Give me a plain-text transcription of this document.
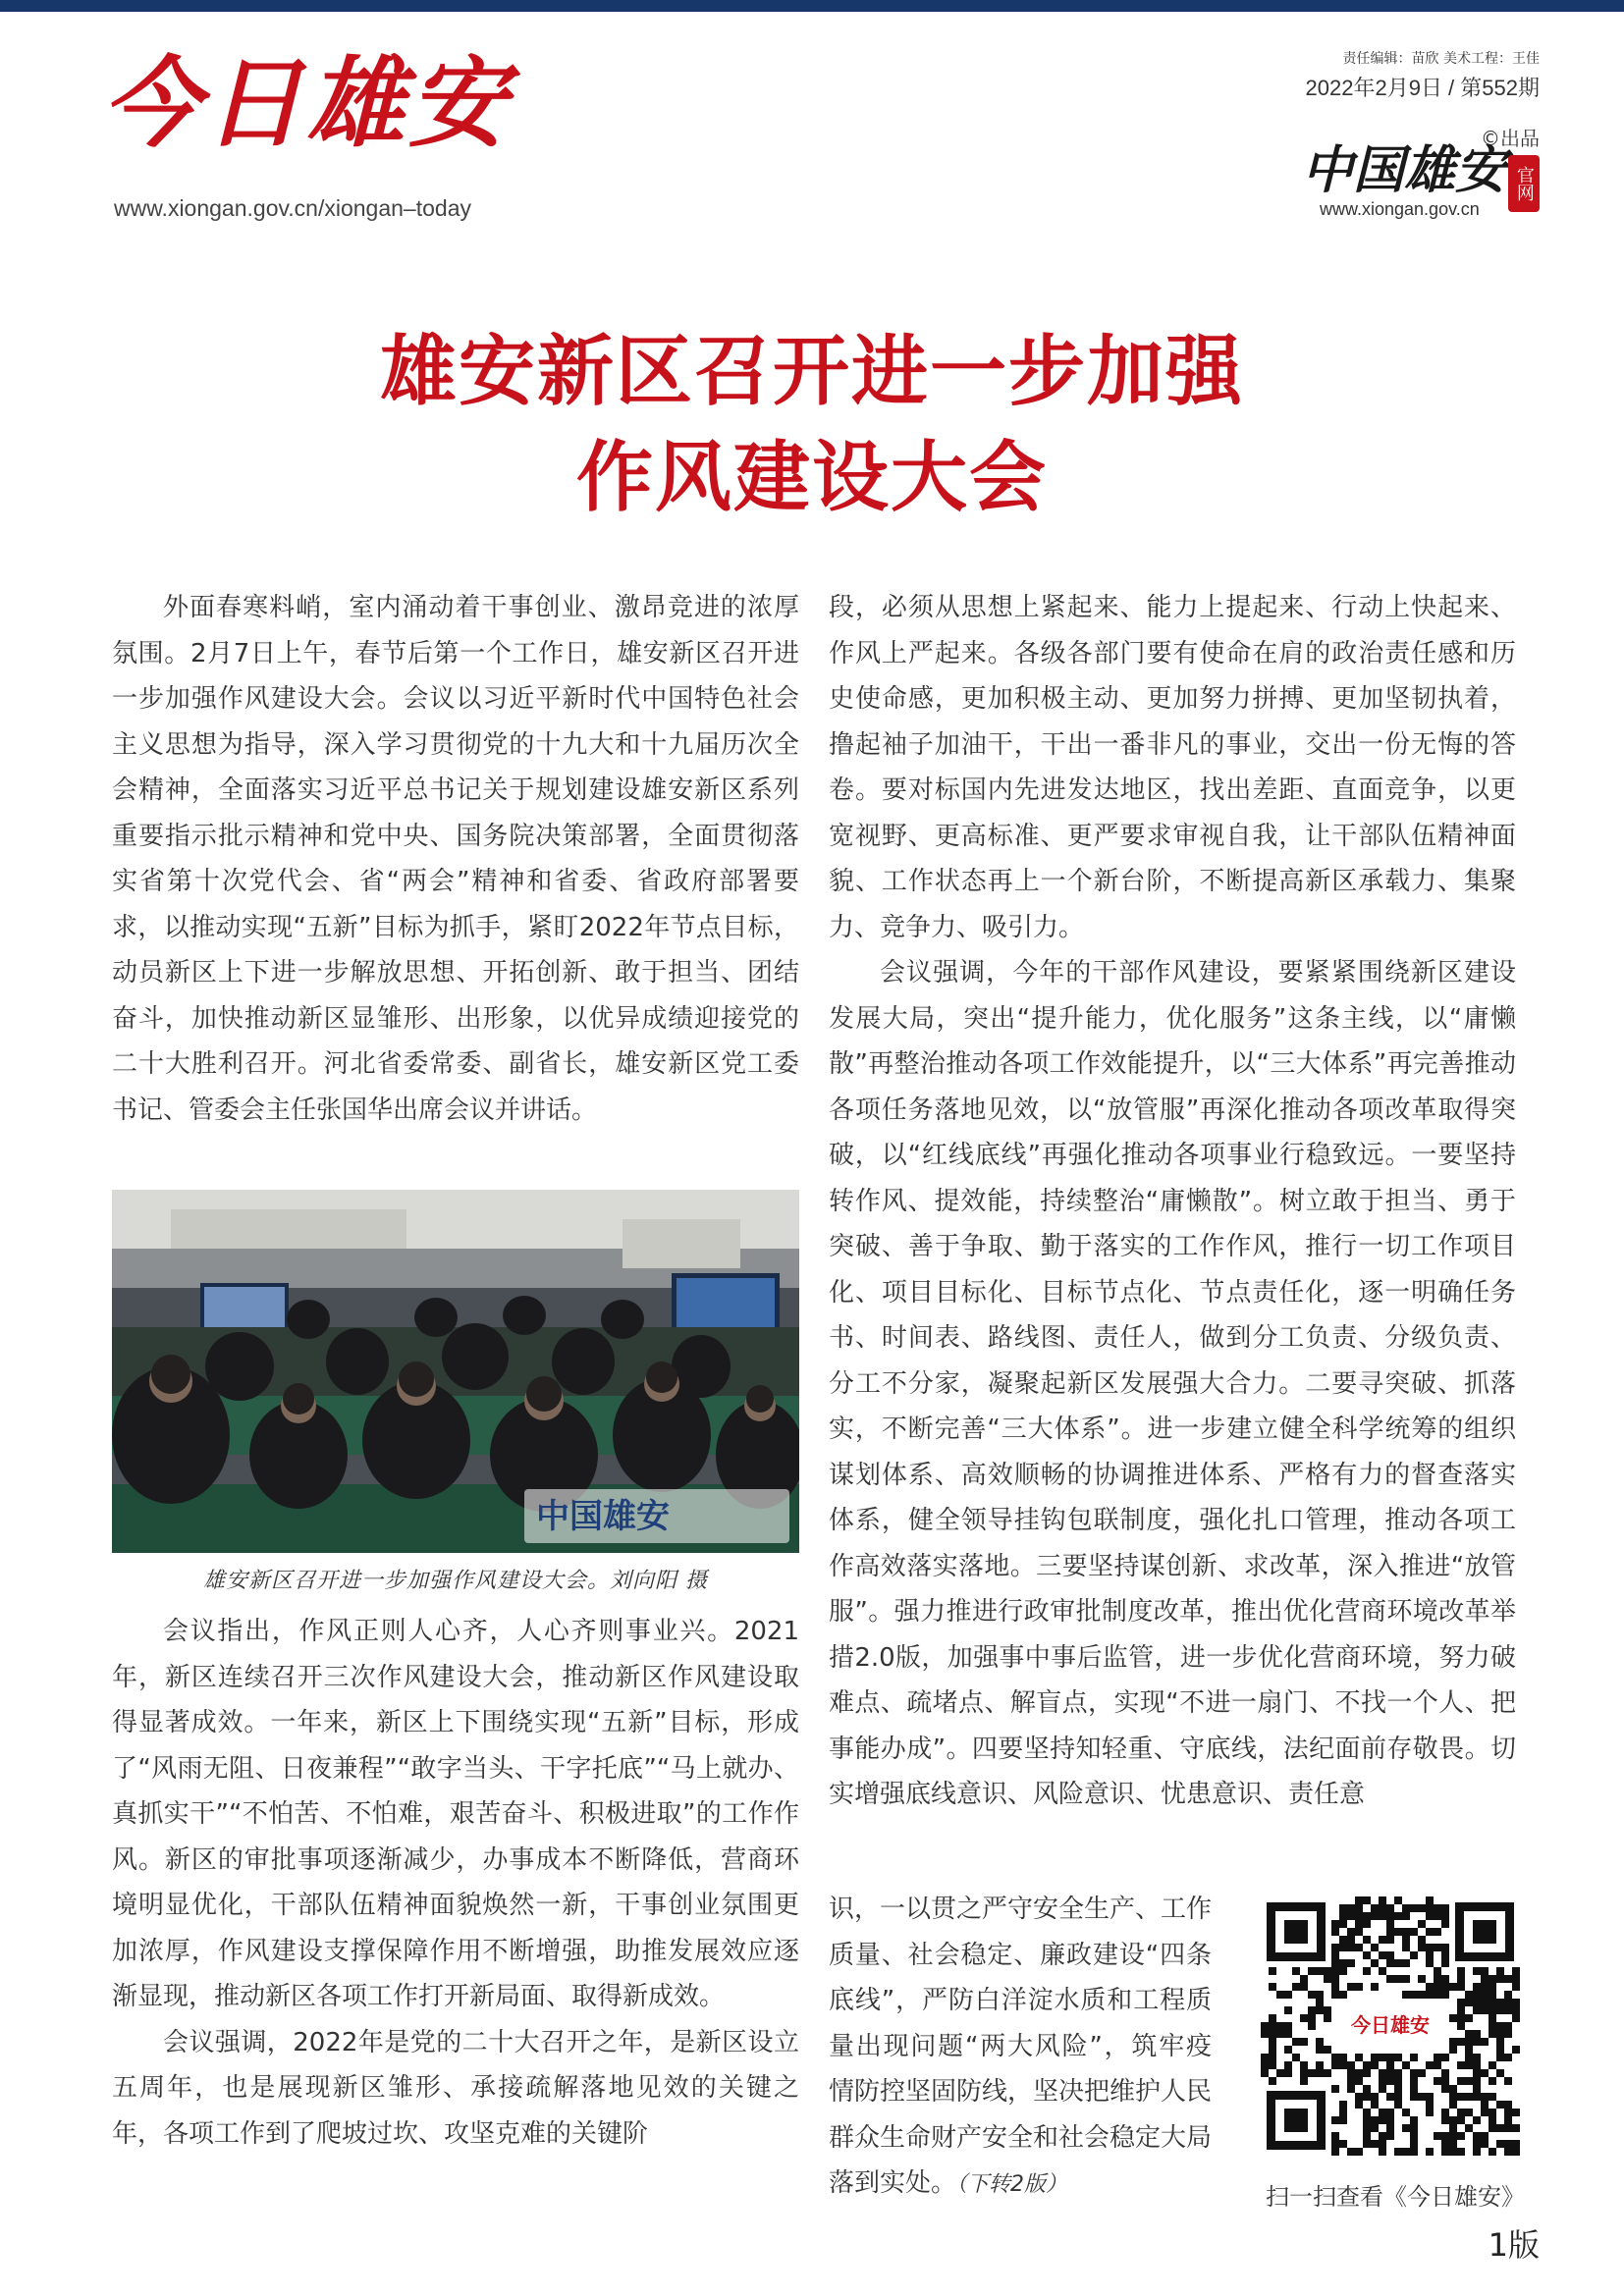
今日雄安
www.xiongan.gov.cn/xiongan–today
责任编辑：苗欣 美术工程：王佳
2022年2月9日 / 第552期
©出品
中国雄安 官网
www.xiongan.gov.cn
雄安新区召开进一步加强
作风建设大会

外面春寒料峭，室内涌动着干事创业、激昂竞进的浓厚氛围。2月7日上午，春节后第一个工作日，雄安新区召开进一步加强作风建设大会。会议以习近平新时代中国特色社会主义思想为指导，深入学习贯彻党的十九大和十九届历次全会精神，全面落实习近平总书记关于规划建设雄安新区系列重要指示批示精神和党中央、国务院决策部署，全面贯彻落实省第十次党代会、省“两会”精神和省委、省政府部署要求，以推动实现“五新”目标为抓手，紧盯2022年节点目标，动员新区上下进一步解放思想、开拓创新、敢于担当、团结奋斗，加快推动新区显雏形、出形象，以优异成绩迎接党的二十大胜利召开。河北省委常委、副省长，雄安新区党工委书记、管委会主任张国华出席会议并讲话。

中国雄安
雄安新区召开进一步加强作风建设大会。刘向阳 摄

会议指出，作风正则人心齐，人心齐则事业兴。2021年，新区连续召开三次作风建设大会，推动新区作风建设取得显著成效。一年来，新区上下围绕实现“五新”目标，形成了“风雨无阻、日夜兼程”“敢字当头、干字托底”“马上就办、真抓实干”“不怕苦、不怕难，艰苦奋斗、积极进取”的工作作风。新区的审批事项逐渐减少，办事成本不断降低，营商环境明显优化，干部队伍精神面貌焕然一新，干事创业氛围更加浓厚，作风建设支撑保障作用不断增强，助推发展效应逐渐显现，推动新区各项工作打开新局面、取得新成效。

会议强调，2022年是党的二十大召开之年，是新区设立五周年，也是展现新区雏形、承接疏解落地见效的关键之年，各项工作到了爬坡过坎、攻坚克难的关键阶

段，必须从思想上紧起来、能力上提起来、行动上快起来、作风上严起来。各级各部门要有使命在肩的政治责任感和历史使命感，更加积极主动、更加努力拼搏、更加坚韧执着，撸起袖子加油干，干出一番非凡的事业，交出一份无悔的答卷。要对标国内先进发达地区，找出差距、直面竞争，以更宽视野、更高标准、更严要求审视自我，让干部队伍精神面貌、工作状态再上一个新台阶，不断提高新区承载力、集聚力、竞争力、吸引力。

会议强调，今年的干部作风建设，要紧紧围绕新区建设发展大局，突出“提升能力，优化服务”这条主线，以“庸懒散”再整治推动各项工作效能提升，以“三大体系”再完善推动各项任务落地见效，以“放管服”再深化推动各项改革取得突破，以“红线底线”再强化推动各项事业行稳致远。一要坚持转作风、提效能，持续整治“庸懒散”。树立敢于担当、勇于突破、善于争取、勤于落实的工作作风，推行一切工作项目化、项目目标化、目标节点化、节点责任化，逐一明确任务书、时间表、路线图、责任人，做到分工负责、分级负责、分工不分家，凝聚起新区发展强大合力。二要寻突破、抓落实，不断完善“三大体系”。进一步建立健全科学统筹的组织谋划体系、高效顺畅的协调推进体系、严格有力的督查落实体系，健全领导挂钩包联制度，强化扎口管理，推动各项工作高效落实落地。三要坚持谋创新、求改革，深入推进“放管服”。强力推进行政审批制度改革，推出优化营商环境改革举措2.0版，加强事中事后监管，进一步优化营商环境，努力破难点、疏堵点、解盲点，实现“不进一扇门、不找一个人、把事能办成”。四要坚持知轻重、守底线，法纪面前存敬畏。切实增强底线意识、风险意识、忧患意识、责任意

识，一以贯之严守安全生产、工作质量、社会稳定、廉政建设“四条底线”，严防白洋淀水质和工程质量出现问题“两大风险”，筑牢疫情防控坚固防线，坚决把维护人民群众生命财产安全和社会稳定大局落到实处。（下转2版）

今日雄安
扫一扫查看《今日雄安》
1版
